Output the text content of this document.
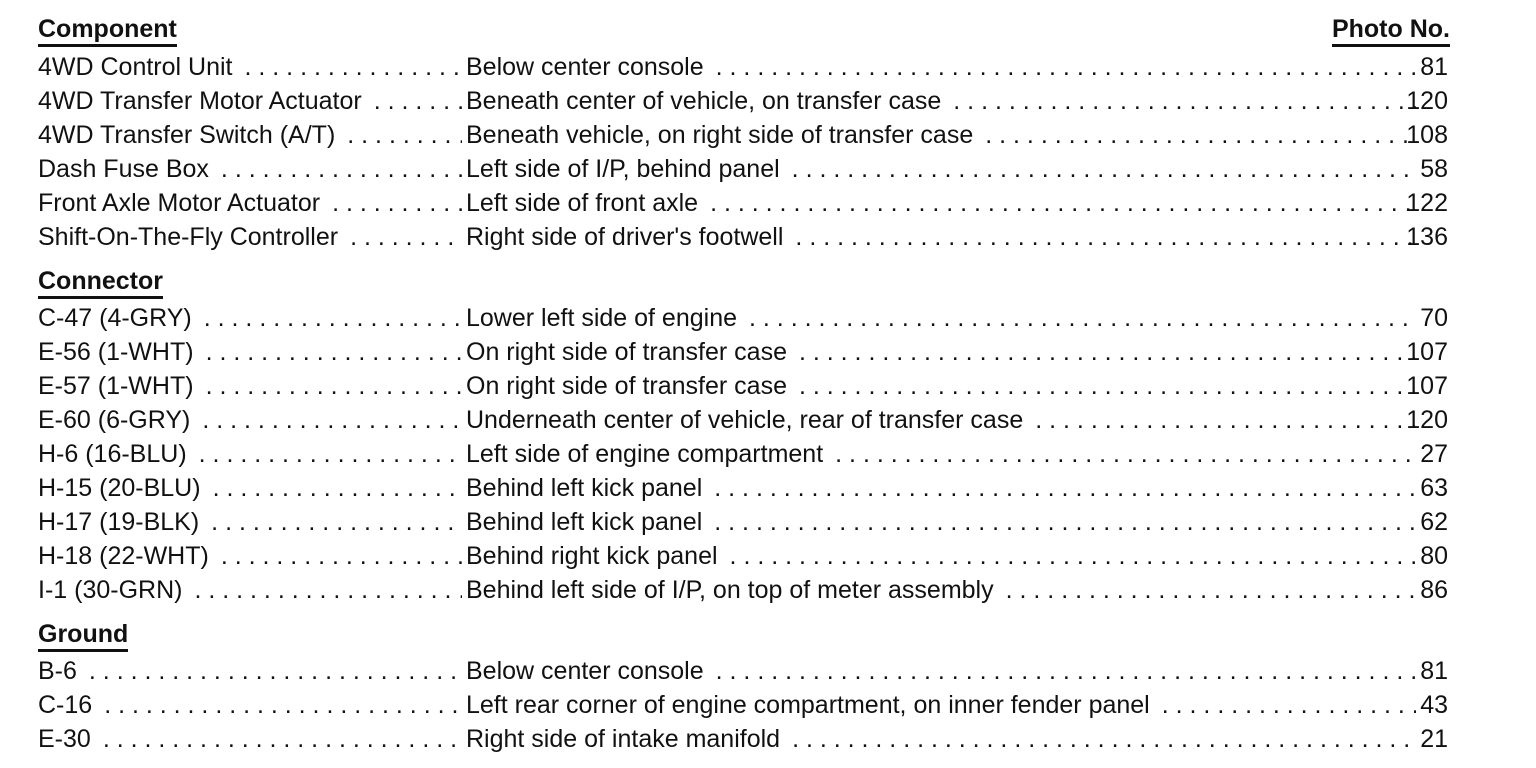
Component	Photo No.
4WD Control Unit . . .	Below center console . . .	81
4WD Transfer Motor Actuator . . .	Beneath center of vehicle, on transfer case . . .	120
4WD Transfer Switch (A/T) . . .	Beneath vehicle, on right side of transfer case . . .	108
Dash Fuse Box . . .	Left side of I/P, behind panel . . .	58
Front Axle Motor Actuator . . .	Left side of front axle . . .	122
Shift-On-The-Fly Controller . . .	Right side of driver's footwell . . .	136
Connector
C-47 (4-GRY) . . .	Lower left side of engine . . .	70
E-56 (1-WHT) . . .	On right side of transfer case . . .	107
E-57 (1-WHT) . . .	On right side of transfer case . . .	107
E-60 (6-GRY) . . .	Underneath center of vehicle, rear of transfer case . . .	120
H-6 (16-BLU) . . .	Left side of engine compartment . . .	27
H-15 (20-BLU) . . .	Behind left kick panel . . .	63
H-17 (19-BLK) . . .	Behind left kick panel . . .	62
H-18 (22-WHT) . . .	Behind right kick panel . . .	80
I-1 (30-GRN) . . .	Behind left side of I/P, on top of meter assembly . . .	86
Ground
B-6 . . .	Below center console . . .	81
C-16 . . .	Left rear corner of engine compartment, on inner fender panel . . .	43
E-30 . . .	Right side of intake manifold . . .	21
